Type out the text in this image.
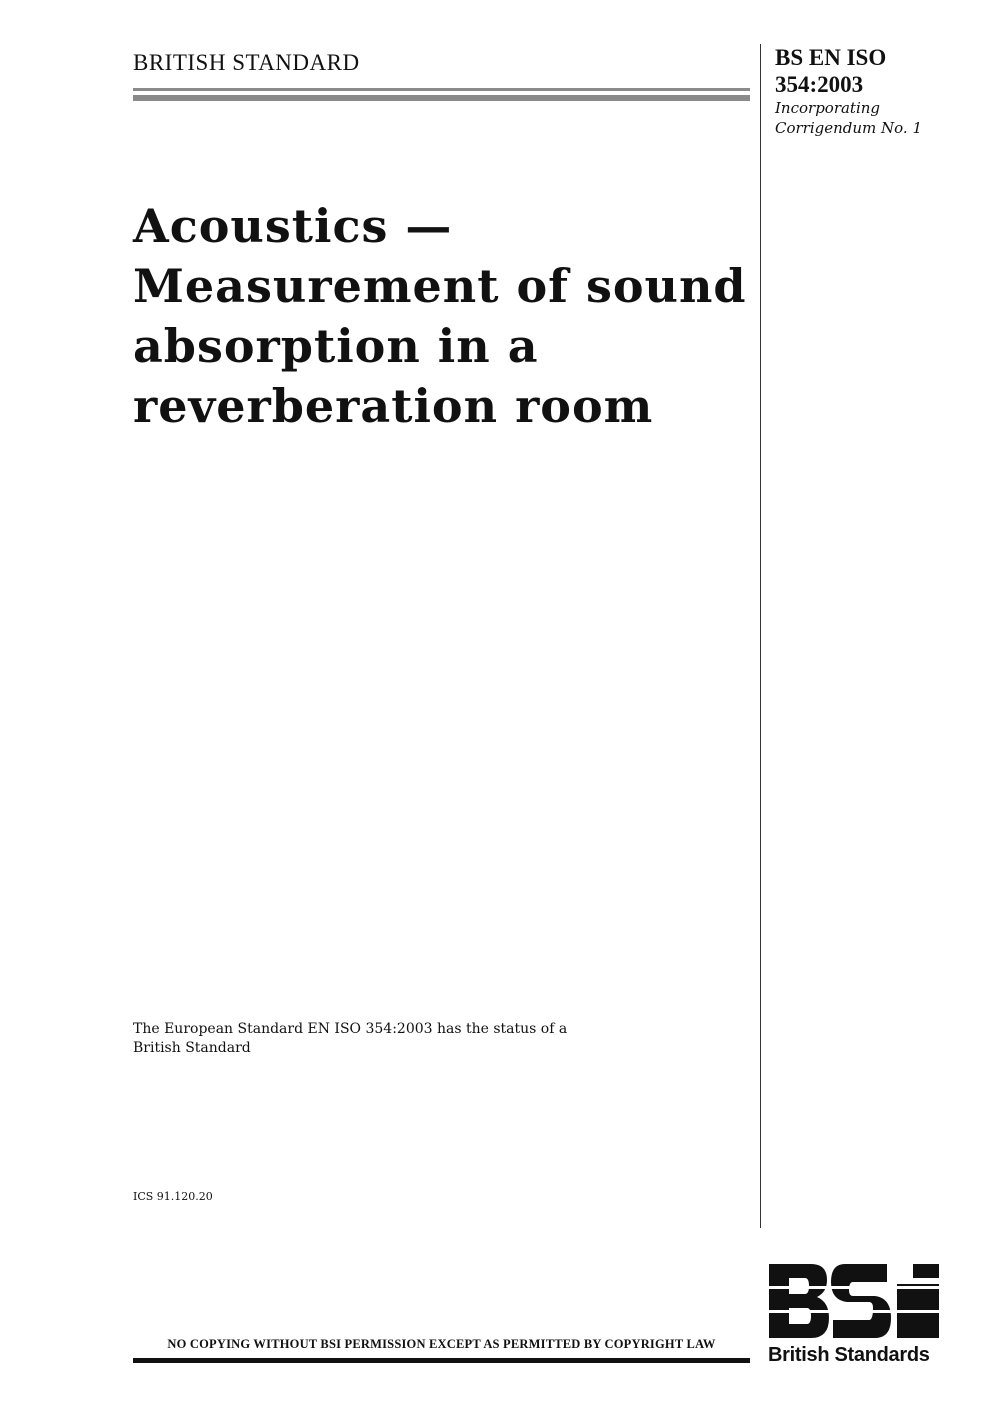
BRITISH STANDARD	BS EN ISO
354:2003
Incorporating
Corrigendum No. 1
Acoustics —
Measurement of sound
absorption in a
reverberation room
The European Standard EN ISO 354:2003 has the status of a
British Standard
ICS 91.120.20
British Standards
NO COPYING WITHOUT BSI PERMISSION EXCEPT AS PERMITTED BY COPYRIGHT LAW
